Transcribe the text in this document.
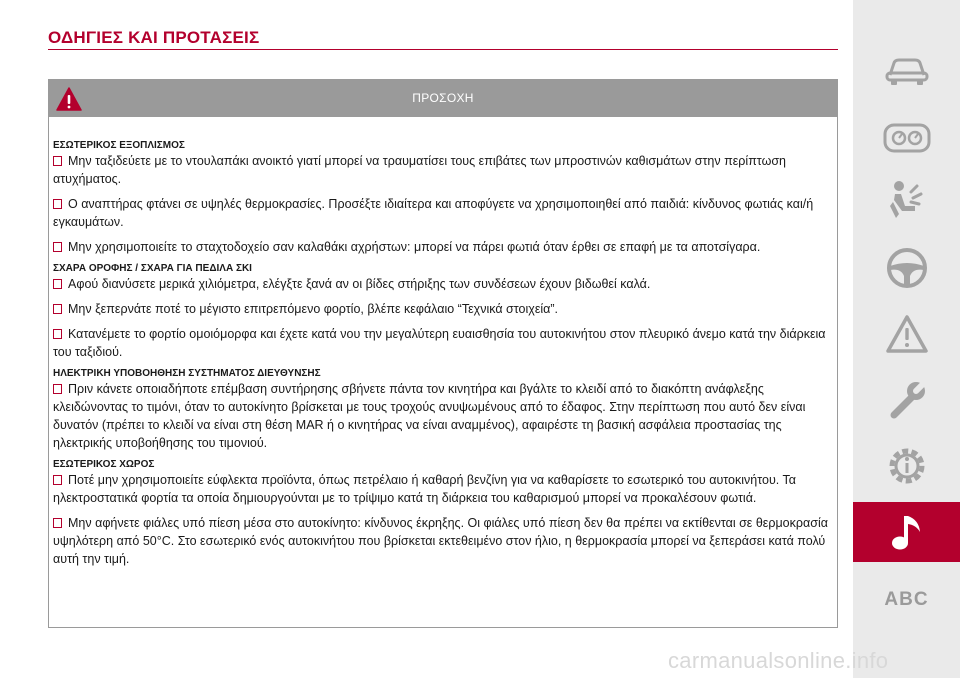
ΟΔΗΓΙΕΣ ΚΑΙ ΠΡΟΤΑΣΕΙΣ
ΠΡΟΣΟΧΗ

ΕΣΩΤΕΡΙΚΟΣ ΕΞΟΠΛΙΣΜΟΣ

Μην ταξιδεύετε με το ντουλαπάκι ανοικτό γιατί μπορεί να τραυματίσει τους επιβάτες των μπροστινών καθισμάτων στην περίπτωση ατυχήματος.

Ο αναπτήρας φτάνει σε υψηλές θερμοκρασίες. Προσέξτε ιδιαίτερα και αποφύγετε να χρησιμοποιηθεί από παιδιά: κίνδυνος φωτιάς και/ή εγκαυμάτων.

Μην χρησιμοποιείτε το σταχτοδοχείο σαν καλαθάκι αχρήστων: μπορεί να πάρει φωτιά όταν έρθει σε επαφή με τα αποτσίγαρα.

ΣΧΑΡΑ ΟΡΟΦΗΣ / ΣΧΑΡΑ ΓΙΑ ΠΕΔΙΛΑ ΣΚΙ

Αφού διανύσετε μερικά χιλιόμετρα, ελέγξτε ξανά αν οι βίδες στήριξης των συνδέσεων έχουν βιδωθεί καλά.

Μην ξεπερνάτε ποτέ το μέγιστο επιτρεπόμενο φορτίο, βλέπε κεφάλαιο “Τεχνικά στοιχεία”.

Κατανέμετε το φορτίο ομοιόμορφα και έχετε κατά νου την μεγαλύτερη ευαισθησία του αυτοκινήτου στον πλευρικό άνεμο κατά την διάρκεια του ταξιδιού.

ΗΛΕΚΤΡΙΚΗ ΥΠΟΒΟΗΘΗΣΗ ΣΥΣΤΗΜΑΤΟΣ ΔΙΕΥΘΥΝΣΗΣ

Πριν κάνετε οποιαδήποτε επέμβαση συντήρησης σβήνετε πάντα τον κινητήρα και βγάλτε το κλειδί από το διακόπτη ανάφλεξης κλειδώνοντας το τιμόνι, όταν το αυτοκίνητο βρίσκεται με τους τροχούς ανυψωμένους από το έδαφος. Στην περίπτωση που αυτό δεν είναι δυνατόν (πρέπει το κλειδί να είναι στη θέση MAR ή ο κινητήρας να είναι αναμμένος), αφαιρέστε τη βασική ασφάλεια προστασίας της ηλεκτρικής υποβοήθησης του τιμονιού.

ΕΣΩΤΕΡΙΚΟΣ ΧΩΡΟΣ

Ποτέ μην χρησιμοποιείτε εύφλεκτα προϊόντα, όπως πετρέλαιο ή καθαρή βενζίνη για να καθαρίσετε το εσωτερικό του αυτοκινήτου. Τα ηλεκτροστατικά φορτία τα οποία δημιουργούνται με το τρίψιμο κατά τη διάρκεια του καθαρισμού μπορεί να προκαλέσουν φωτιά.

Μην αφήνετε φιάλες υπό πίεση μέσα στο αυτοκίνητο: κίνδυνος έκρηξης. Οι φιάλες υπό πίεση δεν θα πρέπει να εκτίθενται σε θερμοκρασία υψηλότερη από 50°C. Στο εσωτερικό ενός αυτοκινήτου που βρίσκεται εκτεθειμένο στον ήλιο, η θερμοκρασία μπορεί να ξεπεράσει κατά πολύ αυτή την τιμή.

ABC
carmanualsonline.info
